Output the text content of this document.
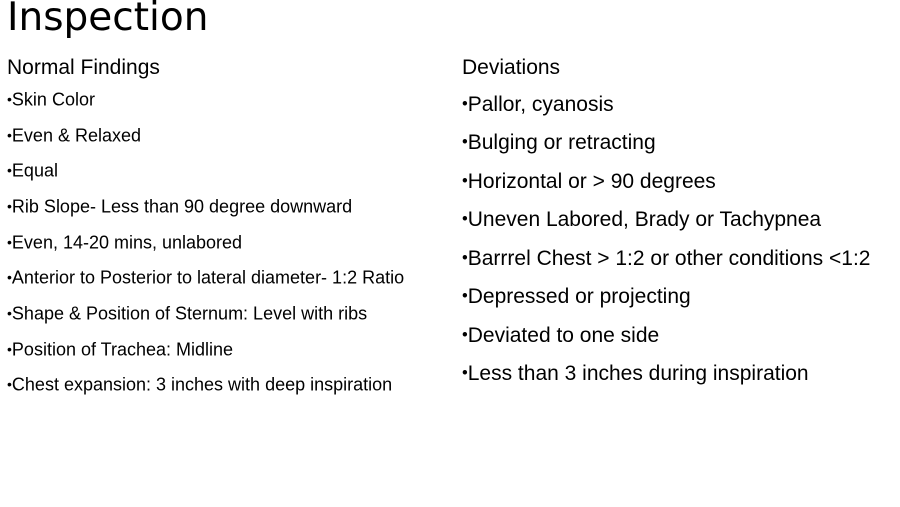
Inspection
Normal Findings
•Skin Color
•Even & Relaxed
•Equal
•Rib Slope- Less than 90 degree downward
•Even, 14-20 mins, unlabored
•Anterior to Posterior to lateral diameter- 1:2 Ratio
•Shape & Position of Sternum: Level with ribs
•Position of Trachea: Midline
•Chest expansion: 3 inches with deep inspiration
Deviations
•Pallor, cyanosis
•Bulging or retracting
•Horizontal or > 90 degrees
•Uneven Labored, Brady or Tachypnea
•Barrrel Chest > 1:2 or other conditions <1:2
•Depressed or projecting
•Deviated to one side
•Less than 3 inches during inspiration
